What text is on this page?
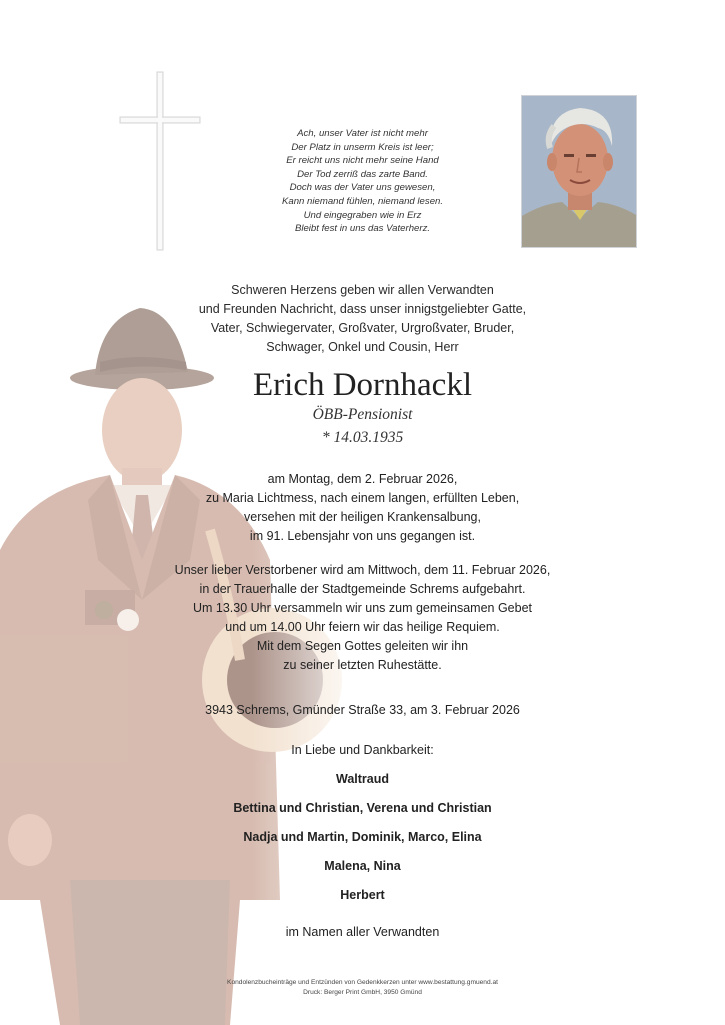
Ach, unser Vater ist nicht mehr
Der Platz in unserm Kreis ist leer;
Er reicht uns nicht mehr seine Hand
Der Tod zerriß das zarte Band.
Doch was der Vater uns gewesen,
Kann niemand fühlen, niemand lesen.
Und eingegraben wie in Erz
Bleibt fest in uns das Vaterherz.
Schweren Herzens geben wir allen Verwandten
und Freunden Nachricht, dass unser innigstgeliebter Gatte,
Vater, Schwiegervater, Großvater, Urgroßvater, Bruder,
Schwager, Onkel und Cousin, Herr
Erich Dornhackl
ÖBB-Pensionist
* 14.03.1935
am Montag, dem 2. Februar 2026,
zu Maria Lichtmess, nach einem langen, erfüllten Leben,
versehen mit der heiligen Krankensalbung,
im 91. Lebensjahr von uns gegangen ist.
Unser lieber Verstorbener wird am Mittwoch, dem 11. Februar 2026,
in der Trauerhalle der Stadtgemeinde Schrems aufgebahrt.
Um 13.30 Uhr versammeln wir uns zum gemeinsamen Gebet
und um 14.00 Uhr feiern wir das heilige Requiem.
Mit dem Segen Gottes geleiten wir ihn
zu seiner letzten Ruhestätte.
3943 Schrems, Gmünder Straße 33, am 3. Februar 2026
In Liebe und Dankbarkeit:
Waltraud
Bettina und Christian, Verena und Christian
Nadja und Martin, Dominik, Marco, Elina
Malena, Nina
Herbert
im Namen aller Verwandten
Kondolenzbucheinträge und Entzünden von Gedenkkerzen unter www.bestattung.gmuend.at
Druck: Berger Print GmbH, 3950 Gmünd
